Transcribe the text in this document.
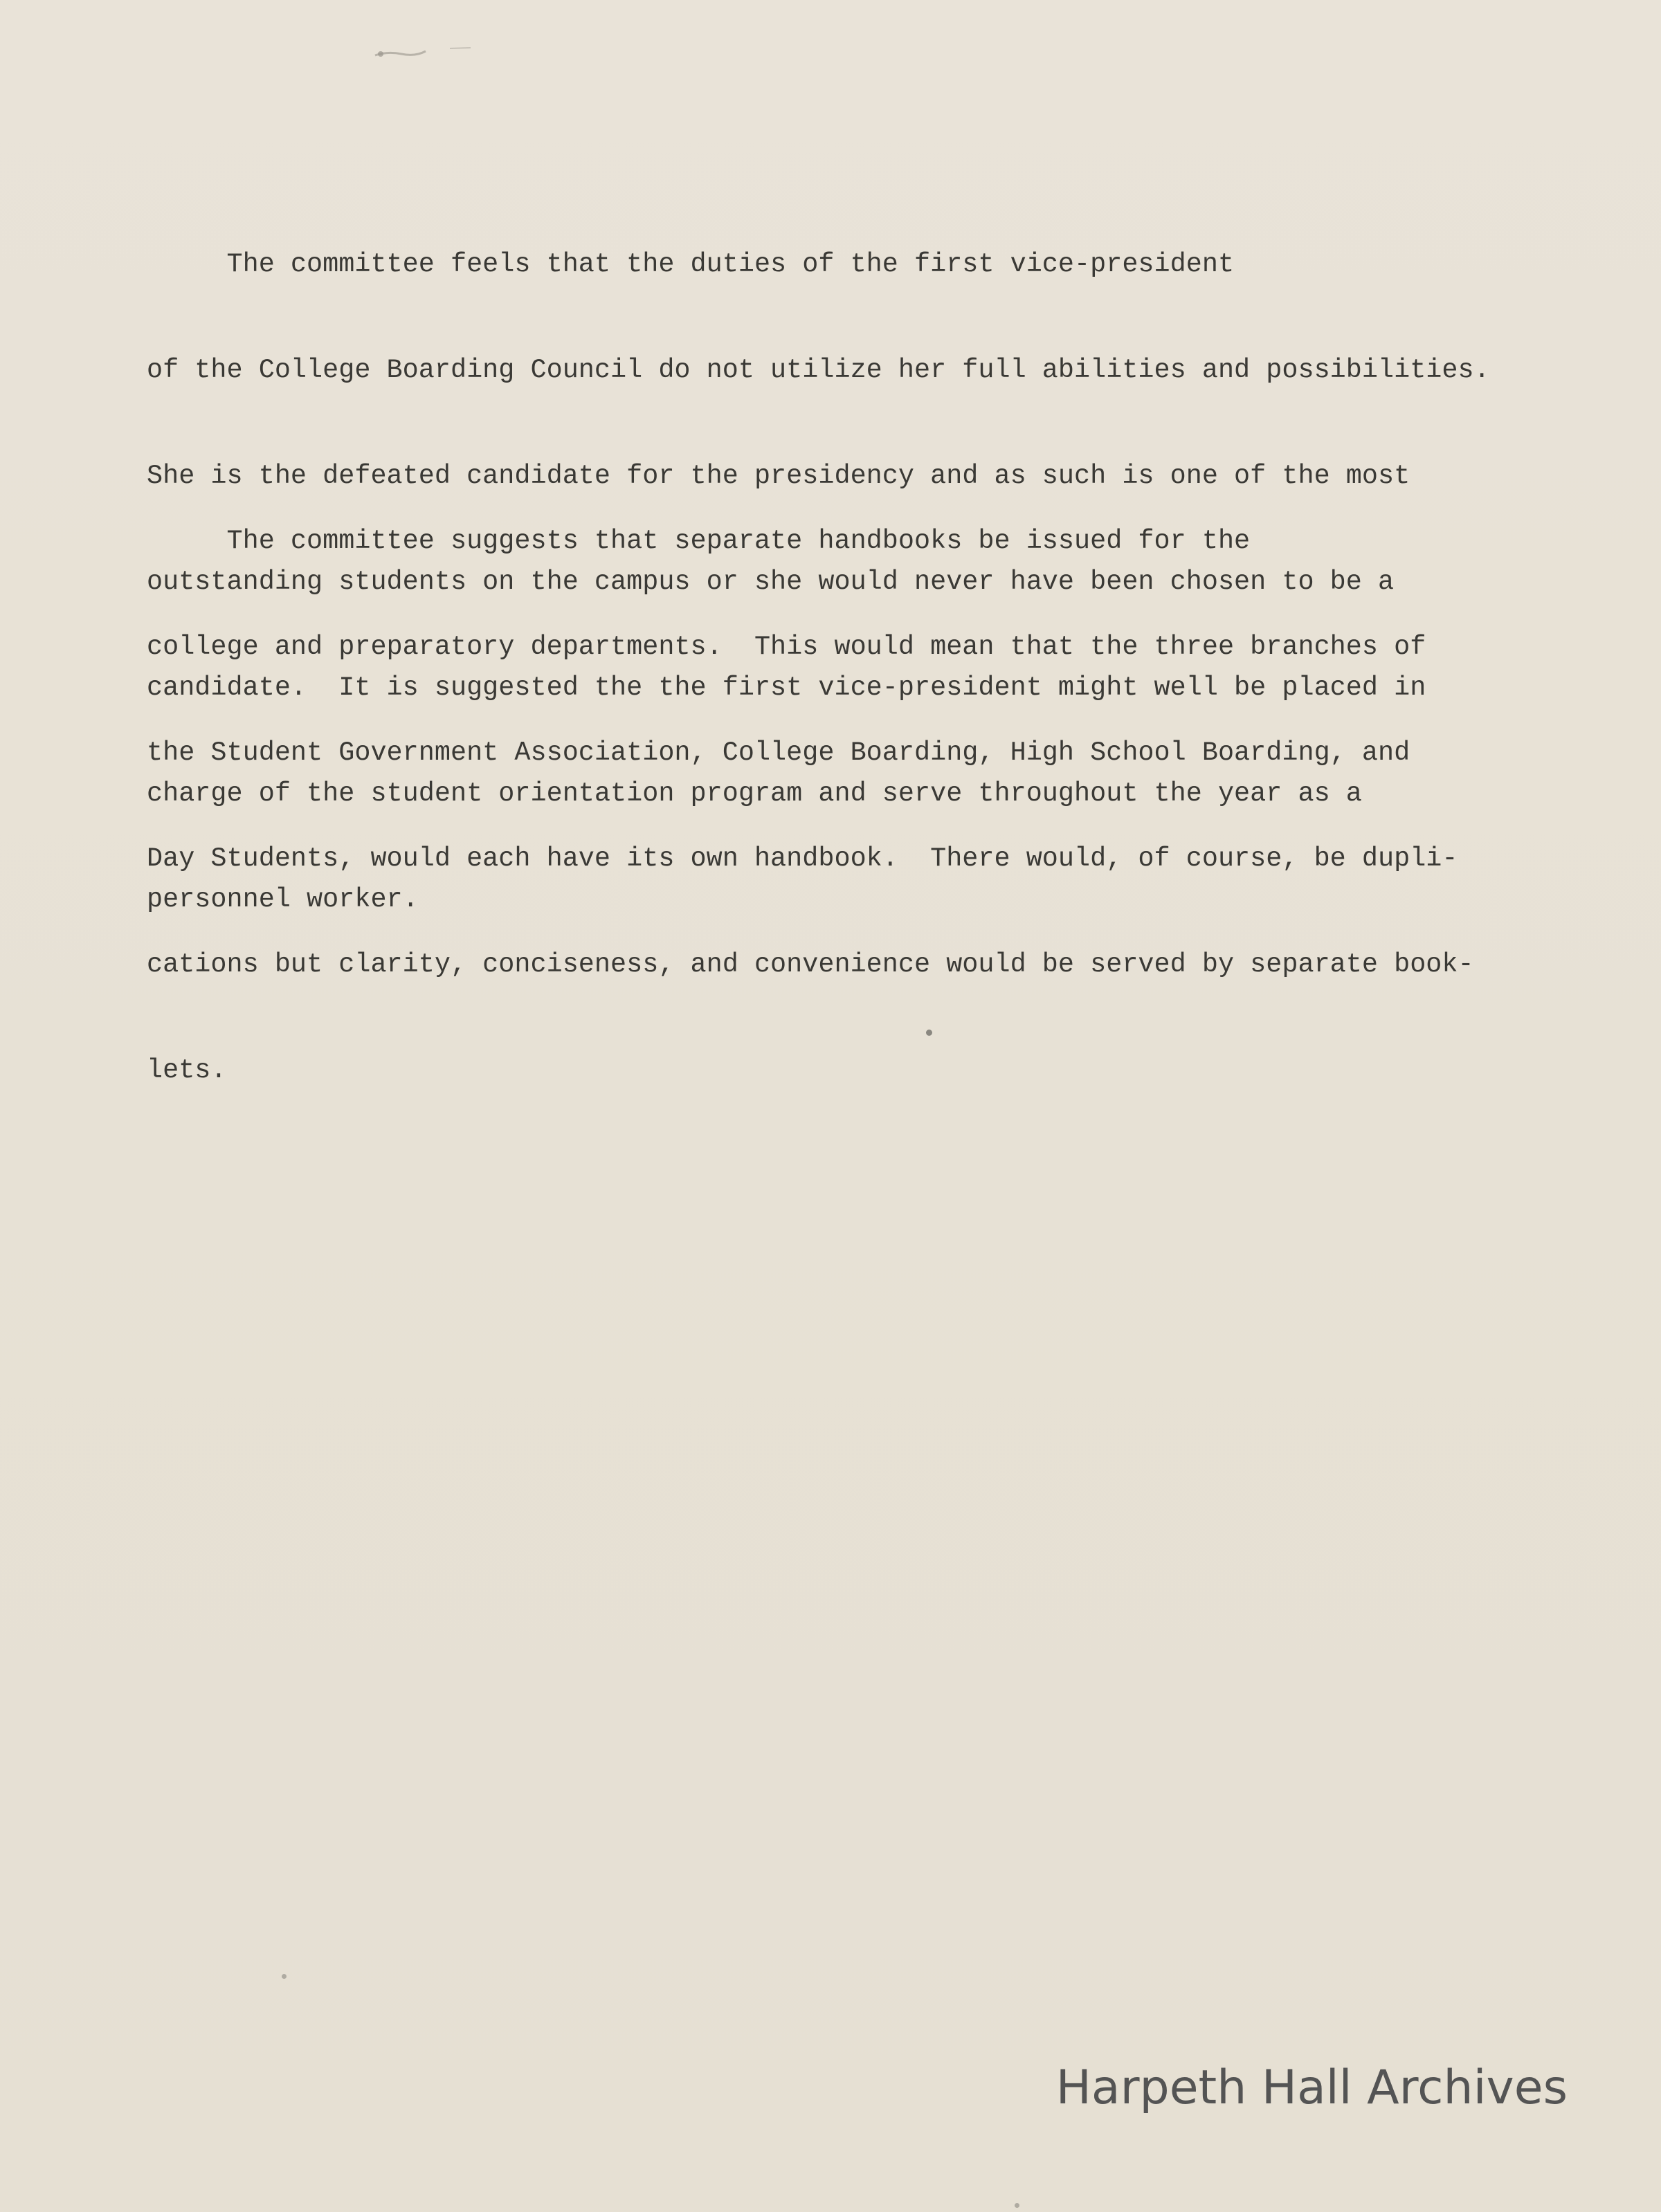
The committee feels that the duties of the first vice-president

of the College Boarding Council do not utilize her full abilities and possibilities.

She is the defeated candidate for the presidency and as such is one of the most

outstanding students on the campus or she would never have been chosen to be a

candidate.  It is suggested the the first vice-president might well be placed in

charge of the student orientation program and serve throughout the year as a

personnel worker.

The committee suggests that separate handbooks be issued for the

college and preparatory departments.  This would mean that the three branches of

the Student Government Association, College Boarding, High School Boarding, and

Day Students, would each have its own handbook.  There would, of course, be dupli-

cations but clarity, conciseness, and convenience would be served by separate book-

lets.

Harpeth Hall Archives
